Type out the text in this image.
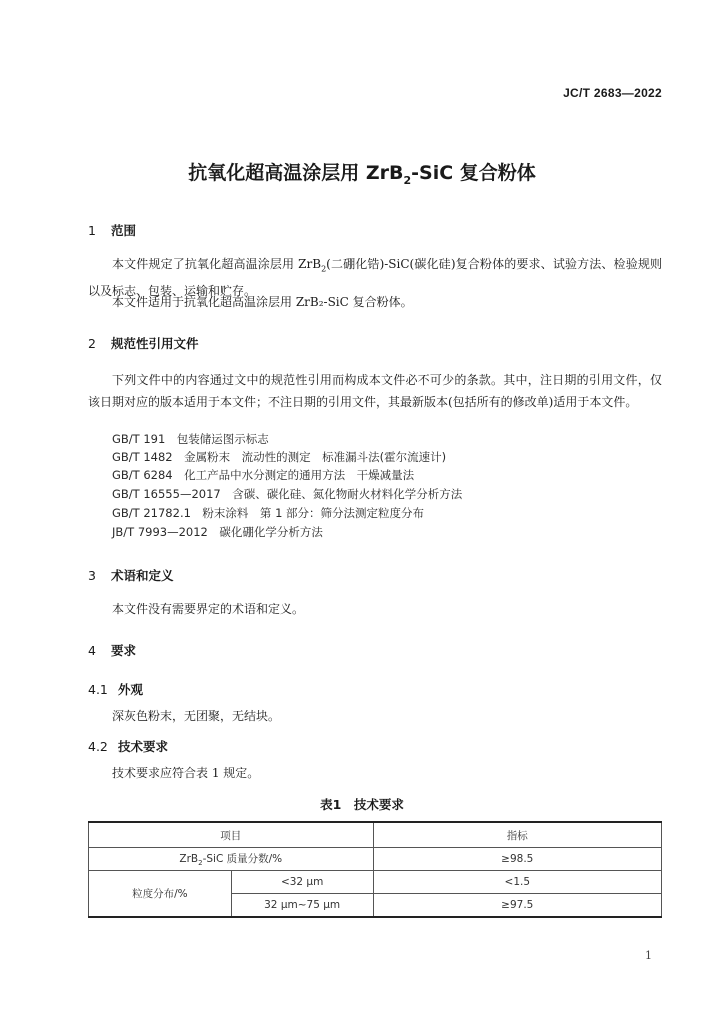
JC/T 2683—2022
抗氧化超高温涂层用 ZrB$_2$-SiC 复合粉体
1 范围
本文件规定了抗氧化超高温涂层用 ZrB$_2$(二硼化锆)-SiC(碳化硅)复合粉体的要求、试验方法、检验规则以及标志、包装、运输和贮存。
本文件适用于抗氧化超高温涂层用 ZrB₂-SiC 复合粉体。
2 规范性引用文件
下列文件中的内容通过文中的规范性引用而构成本文件必不可少的条款。其中，注日期的引用文件，仅该日期对应的版本适用于本文件；不注日期的引用文件，其最新版本(包括所有的修改单)适用于本文件。
GB/T 191　包装储运图示标志
GB/T 1482　金属粉末　流动性的测定　标准漏斗法(霍尔流速计)
GB/T 6284　化工产品中水分测定的通用方法　干燥减量法
GB/T 16555—2017　含碳、碳化硅、氮化物耐火材料化学分析方法
GB/T 21782.1　粉末涂料　第 1 部分：筛分法测定粒度分布
JB/T 7993—2012　碳化硼化学分析方法
3 术语和定义
本文件没有需要界定的术语和定义。
4 要求
4.1 外观
深灰色粉末，无团聚，无结块。
4.2 技术要求
技术要求应符合表 1 规定。
表1　技术要求
项目		指标
ZrB$_2$-SiC 质量分数/%		≥98.5
粒度分布/%	<32 μm	<1.5
	32 μm~75 μm	≥97.5
1
